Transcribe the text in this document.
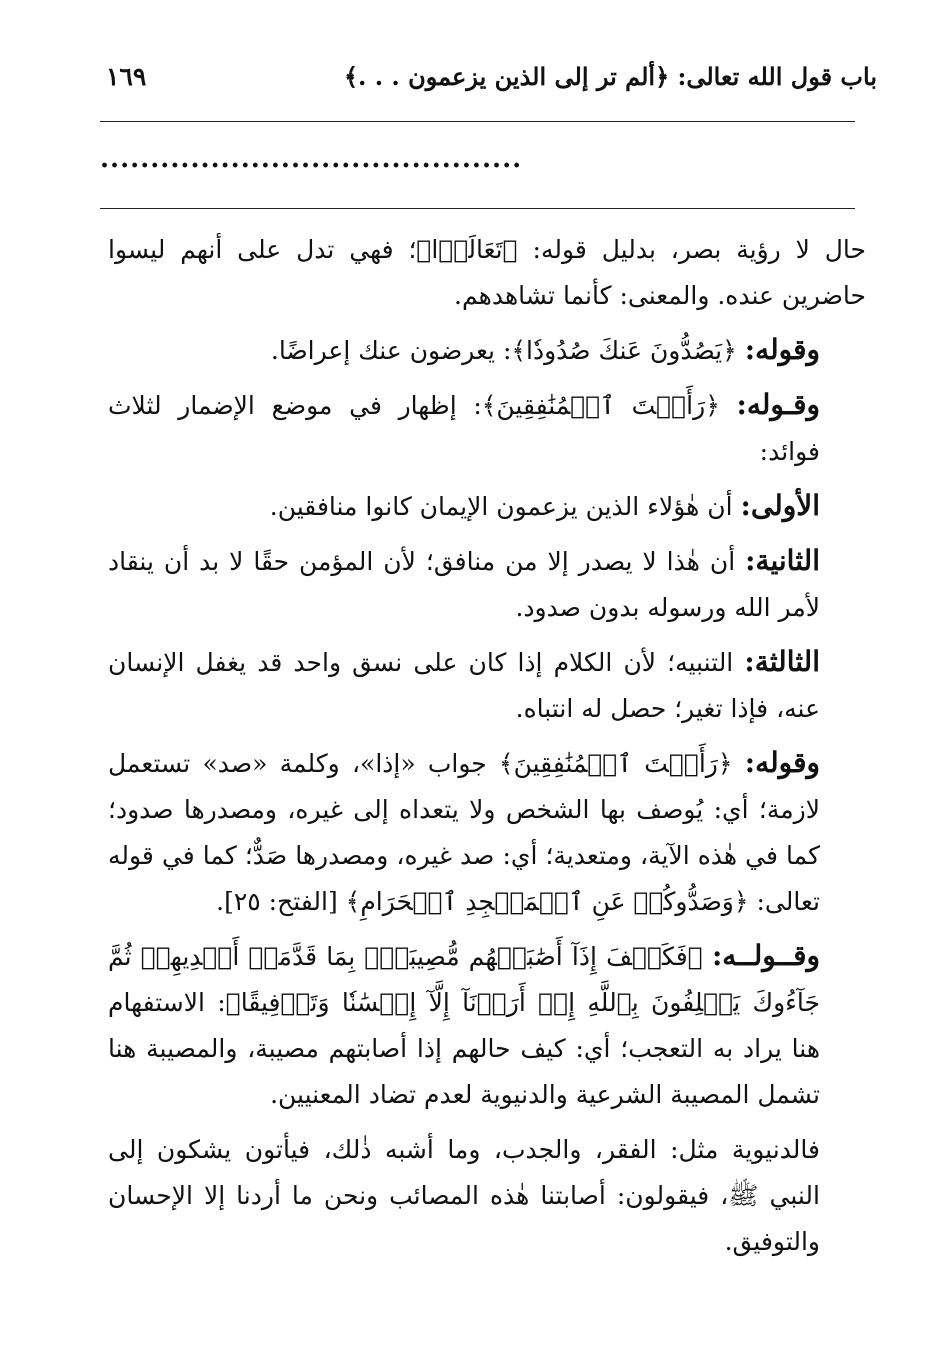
باب قول الله تعالى: ﴿ألم تر إلى الذين يزعمون . . .﴾
١٦٩
..........................................

حال لا رؤية بصر، بدليل قوله: ﴿تَعَالَوۡا﴾؛ فهي تدل على أنهم ليسوا حاضرين عنده. والمعنى: كأنما تشاهدهم.

وقوله: ﴿يَصُدُّونَ عَنكَ صُدُودٗا﴾: يعرضون عنك إعراضًا.

وقـوله: ﴿رَأَيۡتَ ٱلۡمُنَٰفِقِينَ﴾: إظهار في موضع الإضمار لثلاث فوائد:

الأولى: أن هٰؤلاء الذين يزعمون الإيمان كانوا منافقين.

الثانية: أن هٰذا لا يصدر إلا من منافق؛ لأن المؤمن حقًا لا بد أن ينقاد لأمر الله ورسوله بدون صدود.

الثالثة: التنبيه؛ لأن الكلام إذا كان على نسق واحد قد يغفل الإنسان عنه، فإذا تغير؛ حصل له انتباه.

وقوله: ﴿رَأَيۡتَ ٱلۡمُنَٰفِقِينَ﴾ جواب «إذا»، وكلمة «صد» تستعمل لازمة؛ أي: يُوصف بها الشخص ولا يتعداه إلى غيره، ومصدرها صدود؛ كما في هٰذه الآية، ومتعدية؛ أي: صد غيره، ومصدرها صَدٌّ؛ كما في قوله تعالى: ﴿وَصَدُّوكُمۡ عَنِ ٱلۡمَسۡجِدِ ٱلۡحَرَامِ﴾ [الفتح: ٢٥].

وقــولــه: ﴿فَكَيۡفَ إِذَآ أَصَٰبَتۡهُم مُّصِيبَةُۢ بِمَا قَدَّمَتۡ أَيۡدِيهِمۡ ثُمَّ جَآءُوكَ يَحۡلِفُونَ بِٱللَّهِ إِنۡ أَرَدۡنَآ إِلَّآ إِحۡسَٰنٗا وَتَوۡفِيقًا﴾: الاستفهام هنا يراد به التعجب؛ أي: كيف حالهم إذا أصابتهم مصيبة، والمصيبة هنا تشمل المصيبة الشرعية والدنيوية لعدم تضاد المعنيين.

فالدنيوية مثل: الفقر، والجدب، وما أشبه ذٰلك، فيأتون يشكون إلى النبي ﷺ، فيقولون: أصابتنا هٰذه المصائب ونحن ما أردنا إلا الإحسان والتوفيق.
